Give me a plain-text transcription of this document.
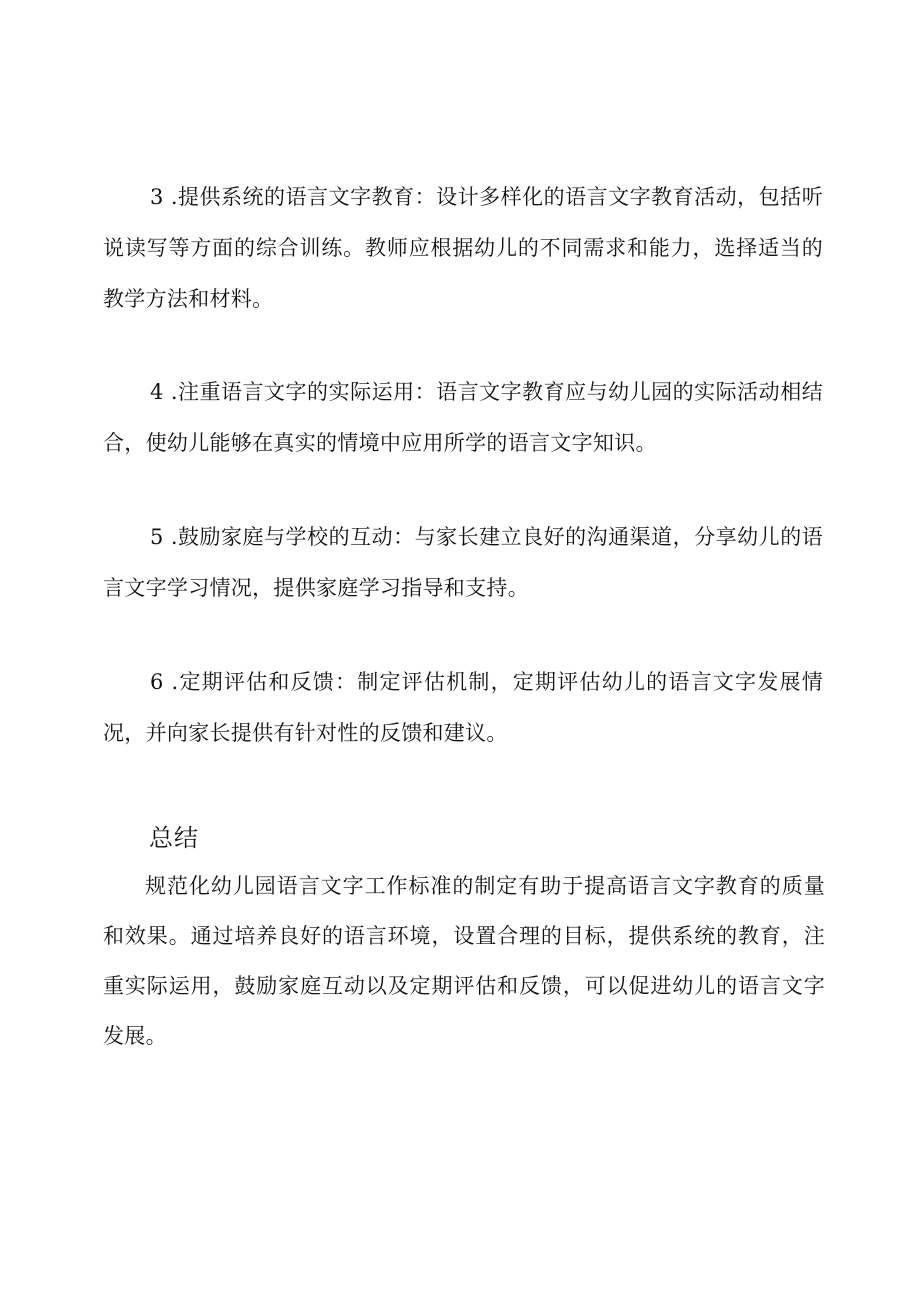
3 .提供系统的语言文字教育：设计多样化的语言文字教育活动，包括听说读写等方面的综合训练。教师应根据幼儿的不同需求和能力，选择适当的教学方法和材料。

4 .注重语言文字的实际运用：语言文字教育应与幼儿园的实际活动相结合，使幼儿能够在真实的情境中应用所学的语言文字知识。

5 .鼓励家庭与学校的互动：与家长建立良好的沟通渠道，分享幼儿的语言文字学习情况，提供家庭学习指导和支持。

6 .定期评估和反馈：制定评估机制，定期评估幼儿的语言文字发展情况，并向家长提供有针对性的反馈和建议。

总结

规范化幼儿园语言文字工作标准的制定有助于提高语言文字教育的质量和效果。通过培养良好的语言环境，设置合理的目标，提供系统的教育，注重实际运用，鼓励家庭互动以及定期评估和反馈，可以促进幼儿的语言文字发展。
